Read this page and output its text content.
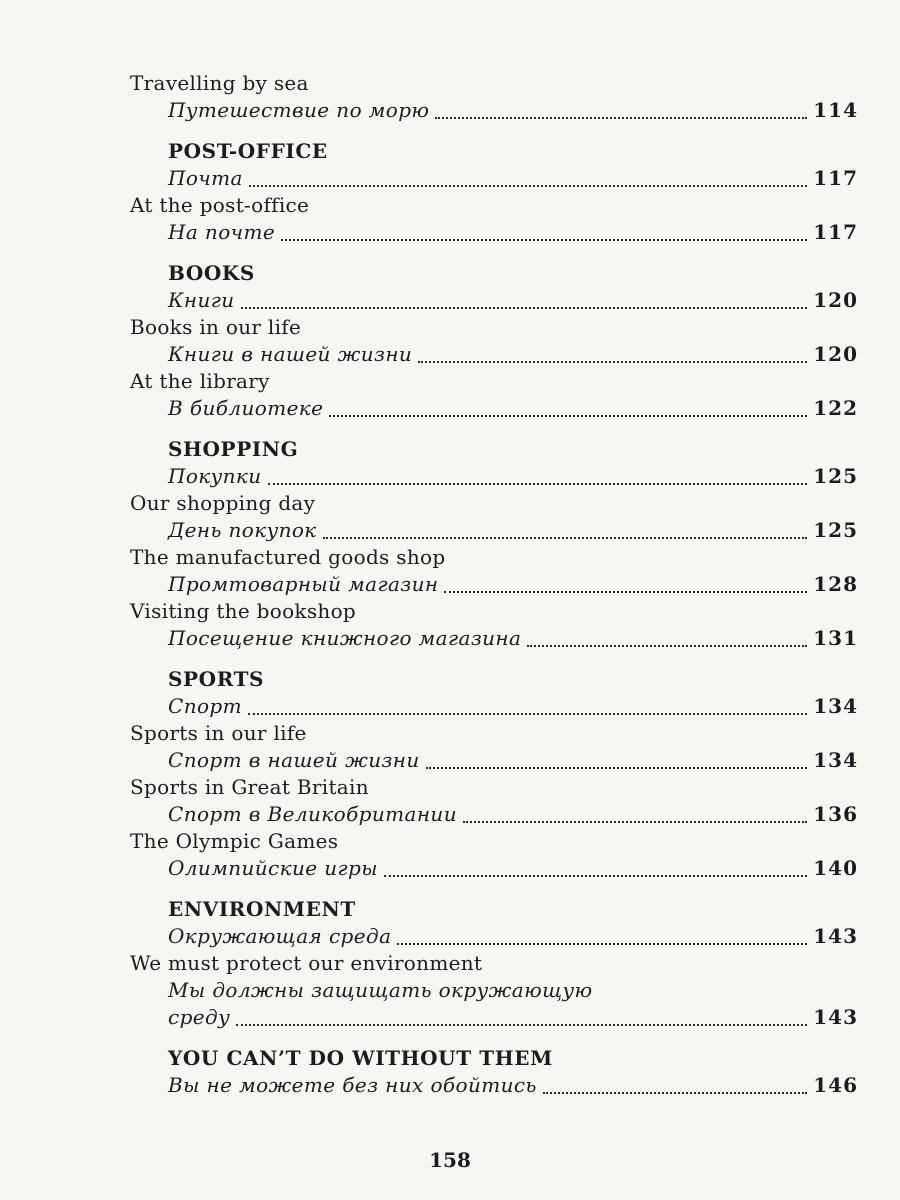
Travelling by sea
Путешествие по морю	114
POST-OFFICE
Почта	117
At the post-office
На почте	117
BOOKS
Книги	120
Books in our life
Книги в нашей жизни	120
At the library
В библиотеке	122
SHOPPING
Покупки	125
Our shopping day
День покупок	125
The manufactured goods shop
Промтоварный магазин	128
Visiting the bookshop
Посещение книжного магазина	131
SPORTS
Спорт	134
Sports in our life
Спорт в нашей жизни	134
Sports in Great Britain
Спорт в Великобритании	136
The Olympic Games
Олимпийские игры	140
ENVIRONMENT
Окружающая среда	143
We must protect our environment
Мы должны защищать окружающую
среду	143
YOU CAN’T DO WITHOUT THEM
Вы не можете без них обойтись	146
158
